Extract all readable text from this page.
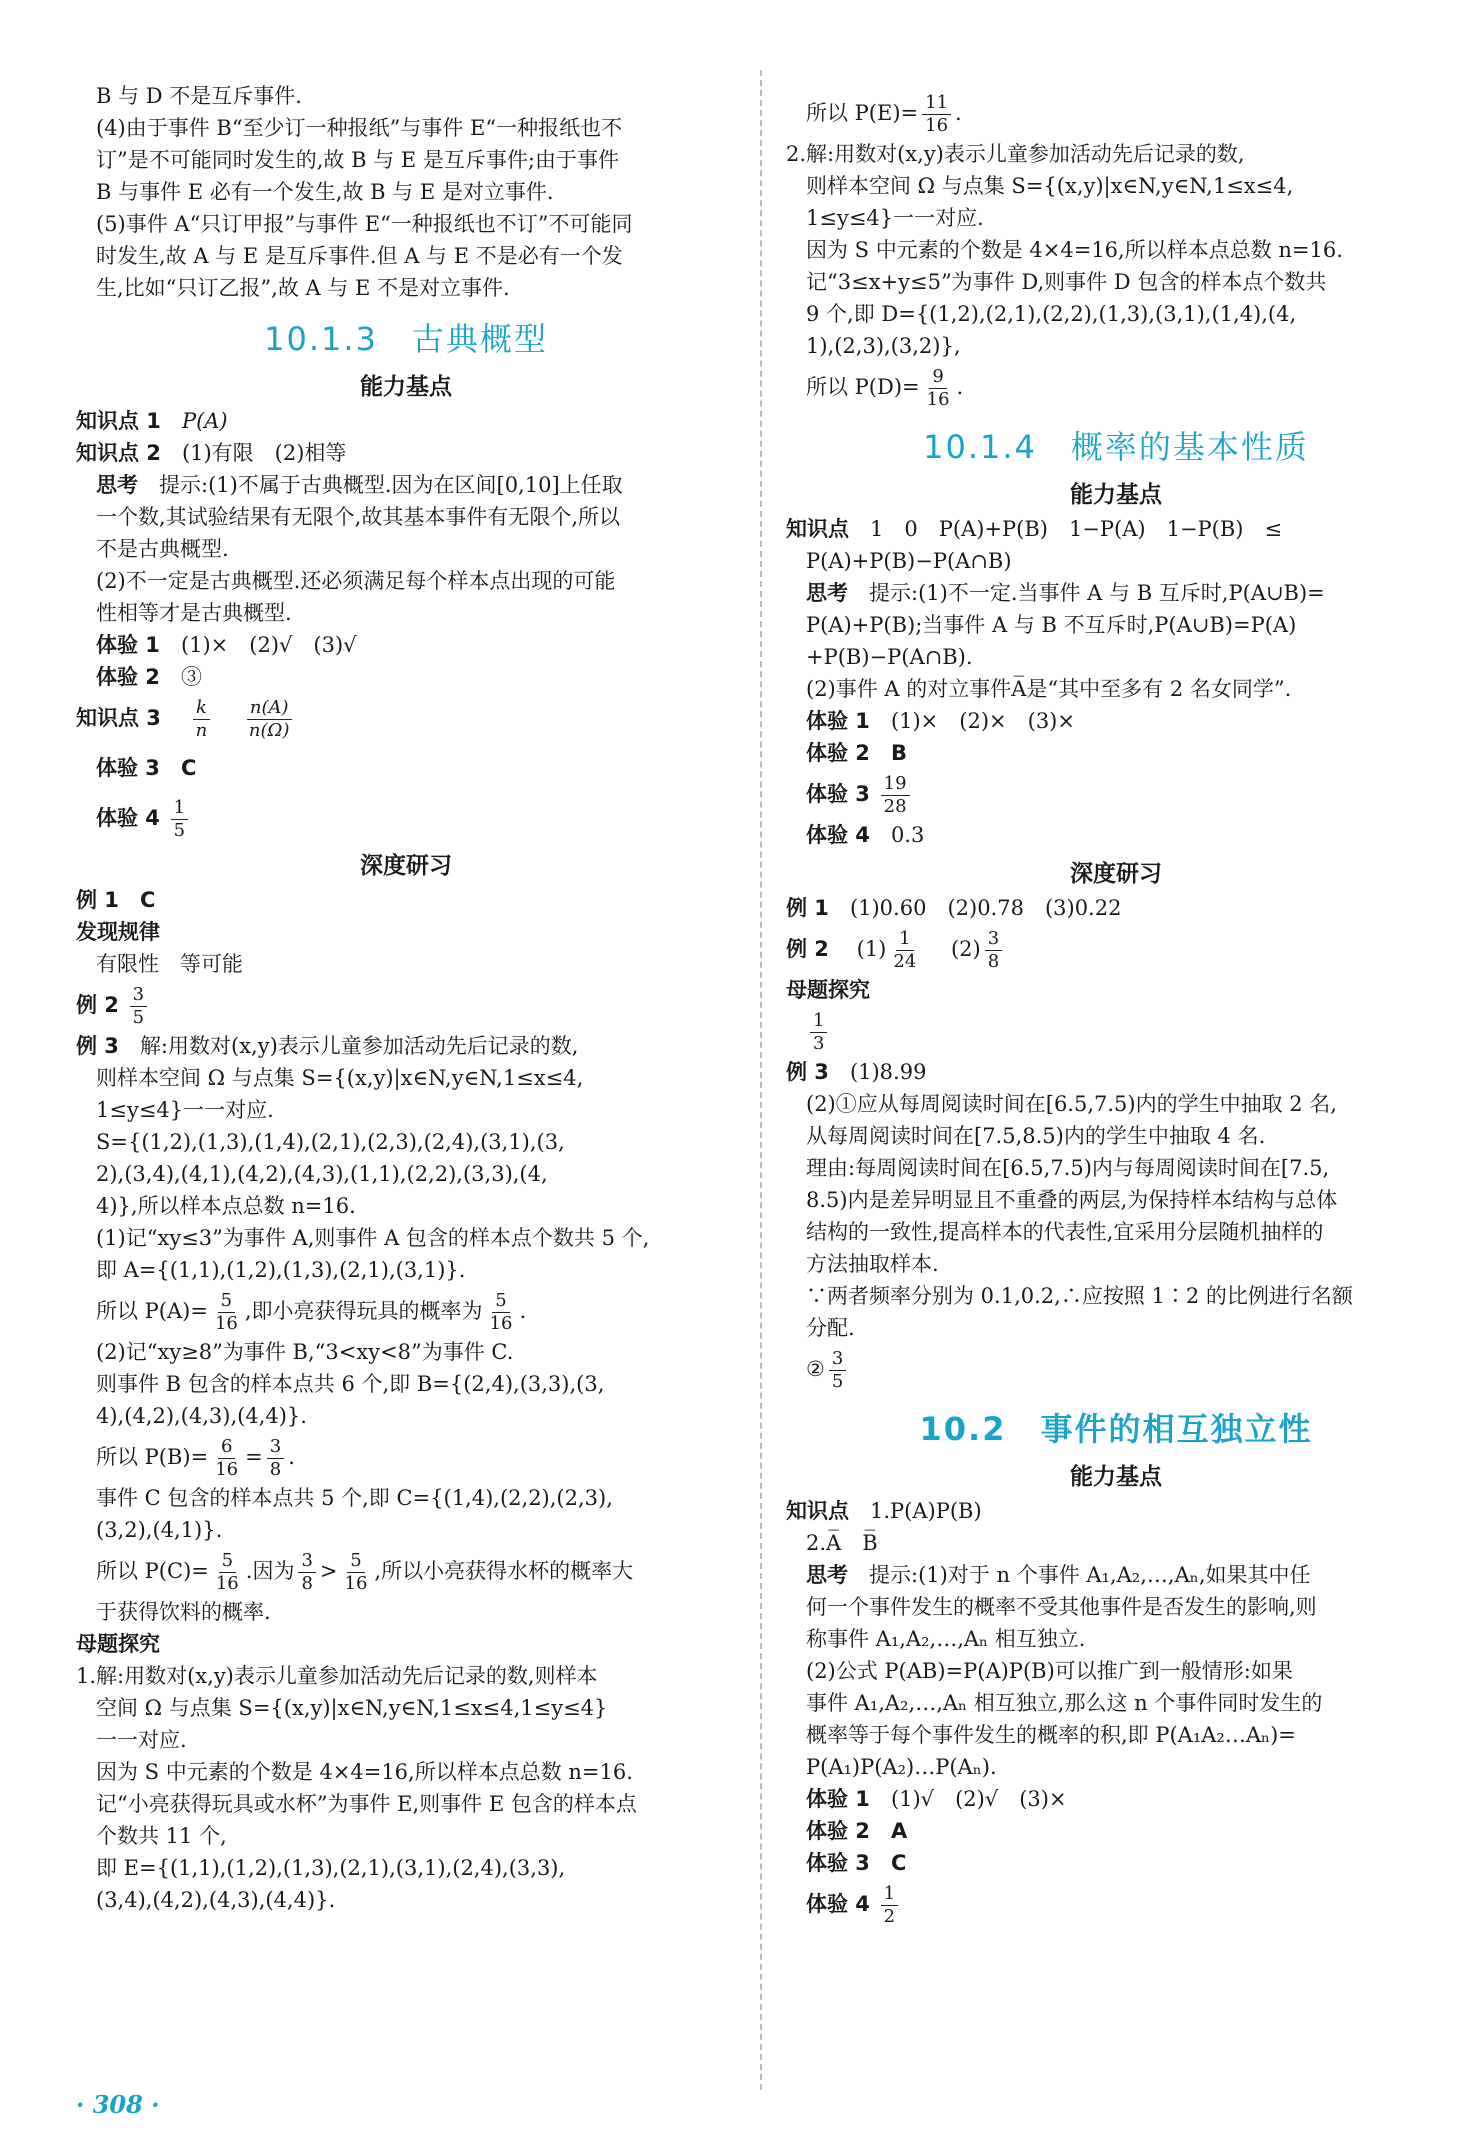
B 与 D 不是互斥事件.

(4)由于事件 B“至少订一种报纸”与事件 E“一种报纸也不

订”是不可能同时发生的,故 B 与 E 是互斥事件;由于事件

B 与事件 E 必有一个发生,故 B 与 E 是对立事件.

(5)事件 A“只订甲报”与事件 E“一种报纸也不订”不可能同

时发生,故 A 与 E 是互斥事件.但 A 与 E 不是必有一个发

生,比如“只订乙报”,故 A 与 E 不是对立事件.

10.1.3　古典概型
能力基点

知识点 1　 P(A)

知识点 2　 (1)有限　(2)相等

思考　 提示:(1)不属于古典概型.因为在区间[0,10]上任取

一个数,其试验结果有无限个,故其基本事件有无限个,所以

不是古典概型.

(2)不一定是古典概型.还必须满足每个样本点出现的可能

性相等才是古典概型.

体验 1　 (1)×　(2)√　(3)√

体验 2　 ③

知识点 3　 $\frac{k}{n}$
　 $\frac{n(A)}{n(\Omega)}$

体验 3　 C

体验 $4 \frac{1}{5}$

深度研习

例 1　 C

发现规律

有限性　等可能

例 $2 \frac{3}{5}$

例 3　 解:用数对(x,y)表示儿童参加活动先后记录的数,

则样本空间 Ω 与点集 S={(x,y)|x∈N,y∈N,1≤x≤4,

1≤y≤4}一一对应.

S={(1,2),(1,3),(1,4),(2,1),(2,3),(2,4),(3,1),(3,

2),(3,4),(4,1),(4,2),(4,3),(1,1),(2,2),(3,3),(4,

4)},所以样本点总数 n=16.

(1)记“xy≤3”为事件 A,则事件 A 包含的样本点个数共 5 个,

即 A={(1,1),(1,2),(1,3),(2,1),(3,1)}.

所以 $P(A)= \frac{5}{16}$ ,即小亮获得玩具的概率为 $\frac{5}{16}$ .

(2)记“xy≥8”为事件 B,“3<xy<8”为事件 C.

则事件 B 包含的样本点共 6 个,即 B={(2,4),(3,3),(3,

4),(4,2),(4,3),(4,4)}.

所以 $P(B)= \frac{6}{16} = \frac{3}{8}$ .

事件 C 包含的样本点共 5 个,即 C={(1,4),(2,2),(2,3),

(3,2),(4,1)}.

所以 $P(C)= \frac{5}{16}$ .因为 $\frac{3}{8} > \frac{5}{16}$ ,所以小亮获得水杯的概率大

于获得饮料的概率.

母题探究

1.解:用数对(x,y)表示儿童参加活动先后记录的数,则样本

空间 Ω 与点集 S={(x,y)|x∈N,y∈N,1≤x≤4,1≤y≤4}

一一对应.

因为 S 中元素的个数是 4×4=16,所以样本点总数 n=16.

记“小亮获得玩具或水杯”为事件 E,则事件 E 包含的样本点

个数共 11 个,

即 E={(1,1),(1,2),(1,3),(2,1),(3,1),(2,4),(3,3),

(3,4),(4,2),(4,3),(4,4)}.

所以 $P(E)= \frac{11}{16}$ .

2.解:用数对(x,y)表示儿童参加活动先后记录的数,

则样本空间 Ω 与点集 S={(x,y)|x∈N,y∈N,1≤x≤4,

1≤y≤4}一一对应.

因为 S 中元素的个数是 4×4=16,所以样本点总数 n=16.

记“3≤x+y≤5”为事件 D,则事件 D 包含的样本点个数共

9 个,即 D={(1,2),(2,1),(2,2),(1,3),(3,1),(1,4),(4,

1),(2,3),(3,2)},

所以 $P(D)= \frac{9}{16}$ .

10.1.4　概率的基本性质
能力基点

知识点　 1　0　P(A)+P(B)　1−P(A)　1−P(B)　≤

P(A)+P(B)−P(A∩B)

思考　 提示:(1)不一定.当事件 A 与 B 互斥时,P(A∪B)=

P(A)+P(B);当事件 A 与 B 不互斥时,P(A∪B)=P(A)

+P(B)−P(A∩B).

(2)事件 A 的对立事件A̅是“其中至多有 2 名女同学”.

体验 1　 (1)×　(2)×　(3)×

体验 2　 B

体验 $3 \frac{19}{28}$

体验 4　 0.3

深度研习

例 1　 (1)0.60　(2)0.78　(3)0.22

例 2　 $(1) \frac{1}{24}$
　 $(2) \frac{3}{8}$

母题探究

$\frac{1}{3}$

例 3　 (1)8.99

(2)①应从每周阅读时间在[6.5,7.5)内的学生中抽取 2 名,

从每周阅读时间在[7.5,8.5)内的学生中抽取 4 名.

理由:每周阅读时间在[6.5,7.5)内与每周阅读时间在[7.5,

8.5)内是差异明显且不重叠的两层,为保持样本结构与总体

结构的一致性,提高样本的代表性,宜采用分层随机抽样的

方法抽取样本.

∵两者频率分别为 0.1,0.2,∴应按照 1∶2 的比例进行名额

分配.

② $\frac{3}{5}$

10.2　事件的相互独立性
能力基点

知识点　 1.P(A)P(B)

2.A̅　B̅

思考　 提示:(1)对于 n 个事件 A₁,A₂,…,Aₙ,如果其中任

何一个事件发生的概率不受其他事件是否发生的影响,则

称事件 A₁,A₂,…,Aₙ 相互独立.

(2)公式 P(AB)=P(A)P(B)可以推广到一般情形:如果

事件 A₁,A₂,…,Aₙ 相互独立,那么这 n 个事件同时发生的

概率等于每个事件发生的概率的积,即 P(A₁A₂…Aₙ)=

P(A₁)P(A₂)…P(Aₙ).

体验 1　 (1)√　(2)√　(3)×

体验 2　 A

体验 3　 C

体验 $4 \frac{1}{2}$

· 308 ·
